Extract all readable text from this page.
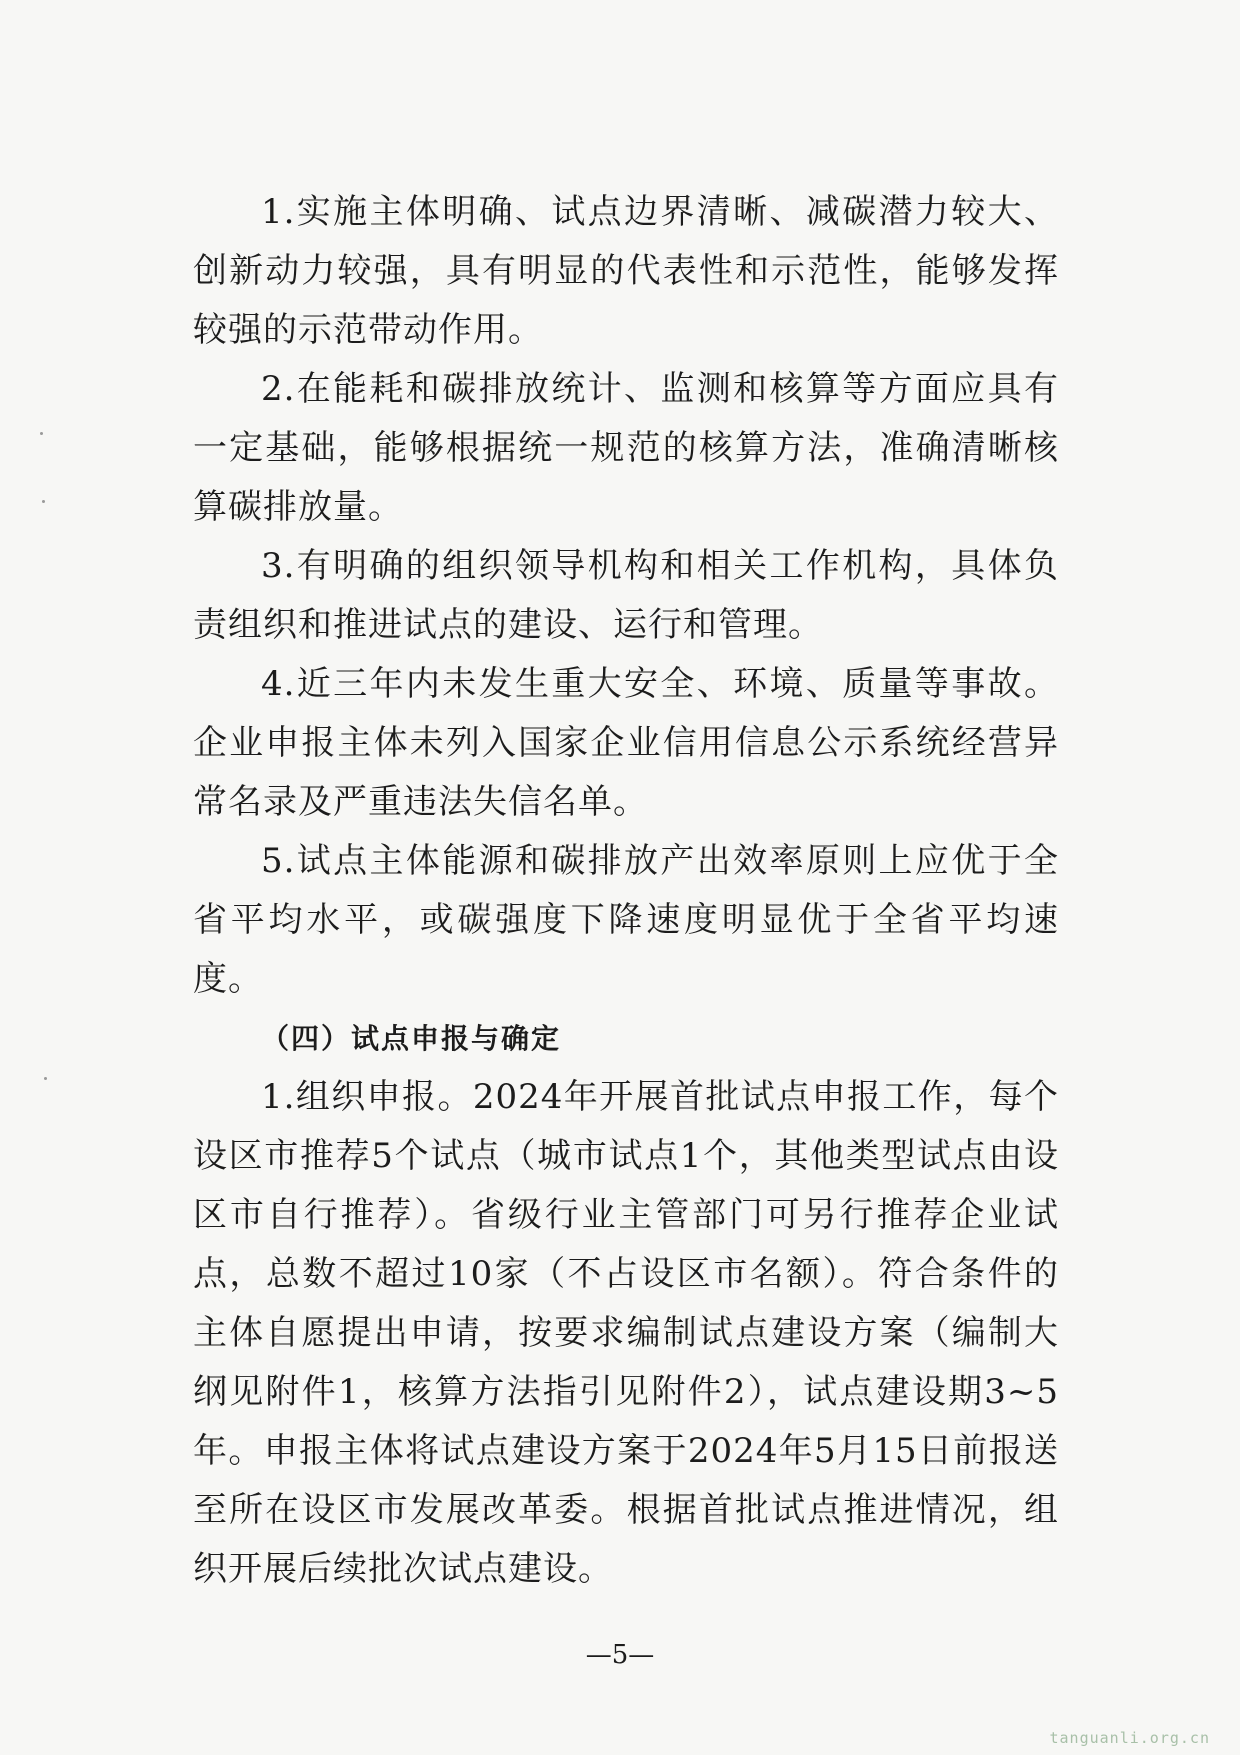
1.实施主体明确、试点边界清晰、减碳潜力较大、创新动力较强，具有明显的代表性和示范性，能够发挥较强的示范带动作用。

2.在能耗和碳排放统计、监测和核算等方面应具有一定基础，能够根据统一规范的核算方法，准确清晰核算碳排放量。

3.有明确的组织领导机构和相关工作机构，具体负责组织和推进试点的建设、运行和管理。

4.近三年内未发生重大安全、环境、质量等事故。企业申报主体未列入国家企业信用信息公示系统经营异常名录及严重违法失信名单。

5.试点主体能源和碳排放产出效率原则上应优于全省平均水平，或碳强度下降速度明显优于全省平均速度。

（四）试点申报与确定

1.组织申报。2024年开展首批试点申报工作，每个设区市推荐5个试点（城市试点1个，其他类型试点由设区市自行推荐）。省级行业主管部门可另行推荐企业试点，总数不超过10家（不占设区市名额）。符合条件的主体自愿提出申请，按要求编制试点建设方案（编制大纲见附件1，核算方法指引见附件2），试点建设期3~5年。申报主体将试点建设方案于2024年5月15日前报送至所在设区市发展改革委。根据首批试点推进情况，组织开展后续批次试点建设。

—5—
tanguanli.org.cn
